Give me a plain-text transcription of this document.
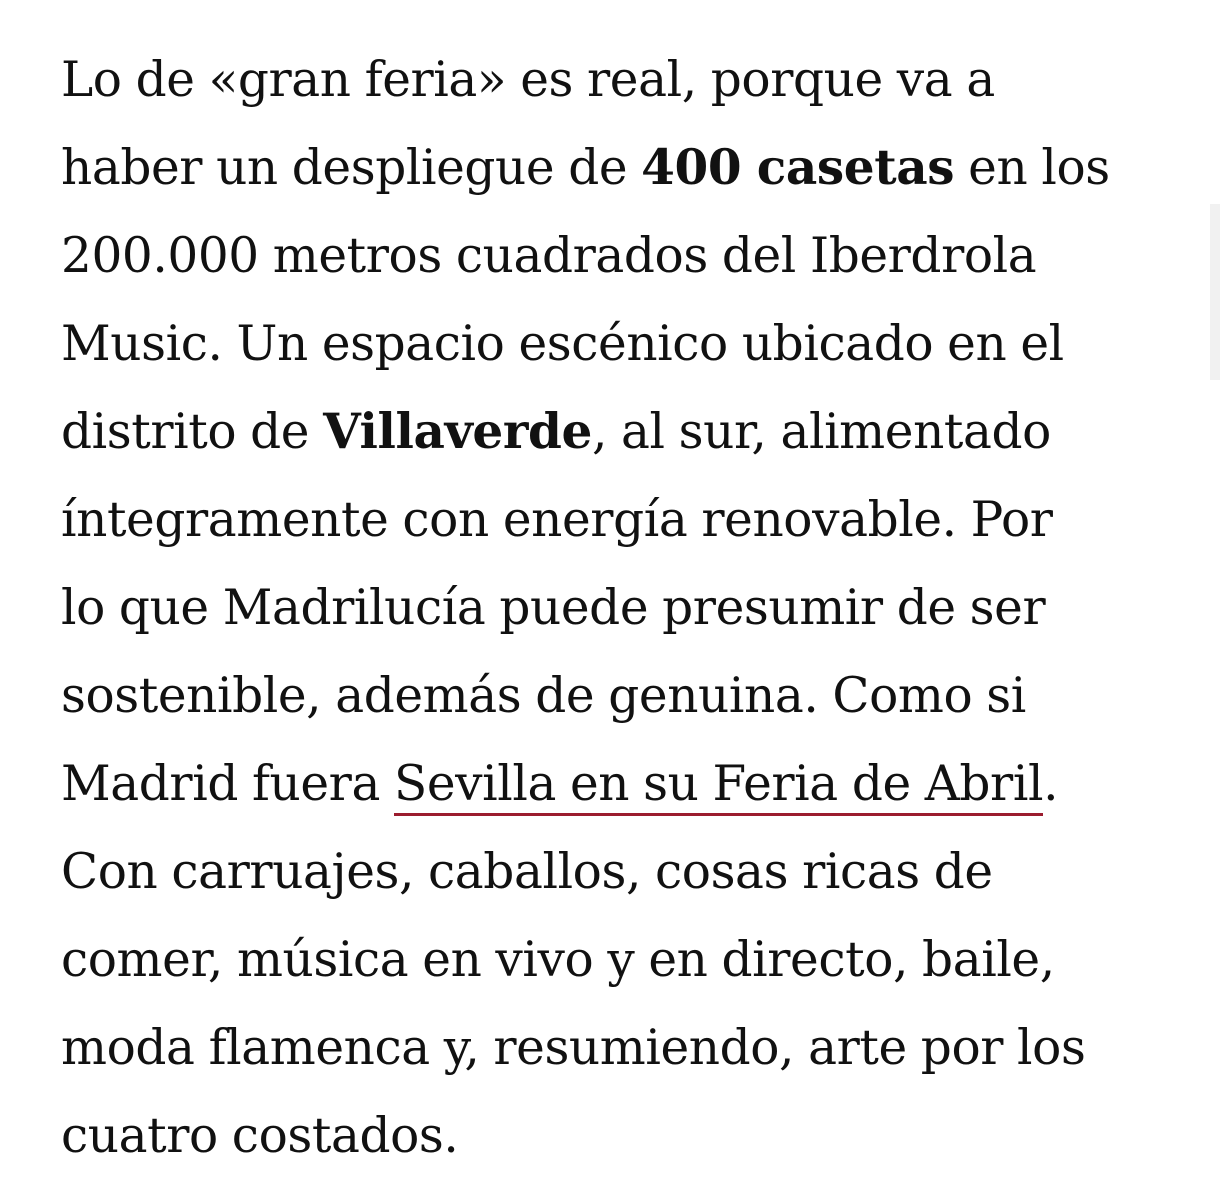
Lo de «gran feria» es real, porque va a
haber un despliegue de 400 casetas en los
200.000 metros cuadrados del Iberdrola
Music. Un espacio escénico ubicado en el
distrito de Villaverde, al sur, alimentado
íntegramente con energía renovable. Por
lo que Madrilucía puede presumir de ser
sostenible, además de genuina. Como si
Madrid fuera Sevilla en su Feria de Abril.
Con carruajes, caballos, cosas ricas de
comer, música en vivo y en directo, baile,
moda flamenca y, resumiendo, arte por los
cuatro costados.
